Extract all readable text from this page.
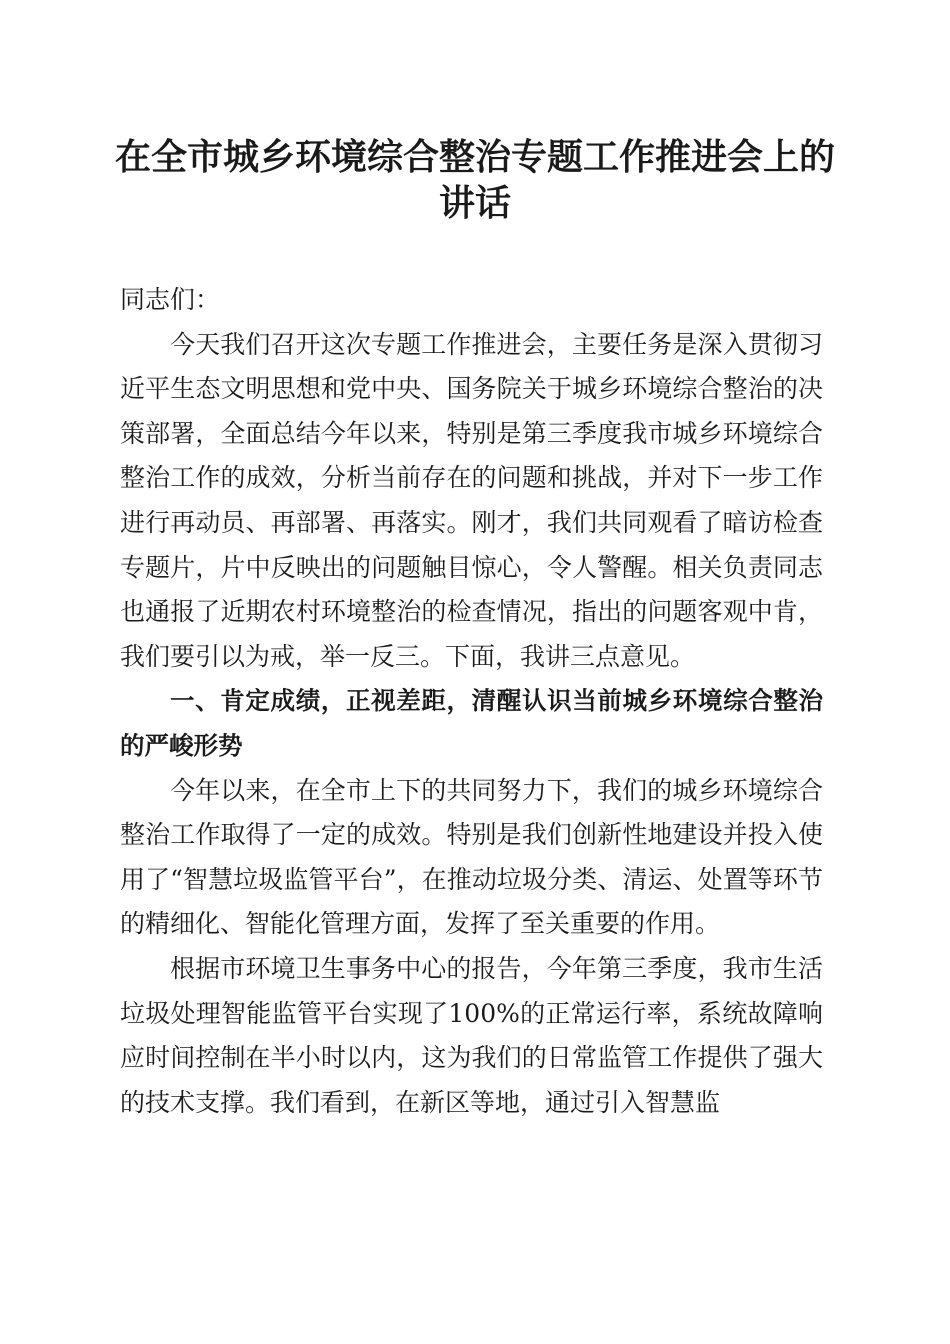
在全市城乡环境综合整治专题工作推进会上的讲话

同志们：

今天我们召开这次专题工作推进会，主要任务是深入贯彻习近平生态文明思想和党中央、国务院关于城乡环境综合整治的决策部署，全面总结今年以来，特别是第三季度我市城乡环境综合整治工作的成效，分析当前存在的问题和挑战，并对下一步工作进行再动员、再部署、再落实。刚才，我们共同观看了暗访检查专题片，片中反映出的问题触目惊心，令人警醒。相关负责同志也通报了近期农村环境整治的检查情况，指出的问题客观中肯，我们要引以为戒，举一反三。下面，我讲三点意见。

一、肯定成绩，正视差距，清醒认识当前城乡环境综合整治的严峻形势

今年以来，在全市上下的共同努力下，我们的城乡环境综合整治工作取得了一定的成效。特别是我们创新性地建设并投入使用了“智慧垃圾监管平台”，在推动垃圾分类、清运、处置等环节的精细化、智能化管理方面，发挥了至关重要的作用。

根据市环境卫生事务中心的报告，今年第三季度，我市生活垃圾处理智能监管平台实现了100%的正常运行率，系统故障响应时间控制在半小时以内，这为我们的日常监管工作提供了强大的技术支撑。我们看到，在新区等地，通过引入智慧监
